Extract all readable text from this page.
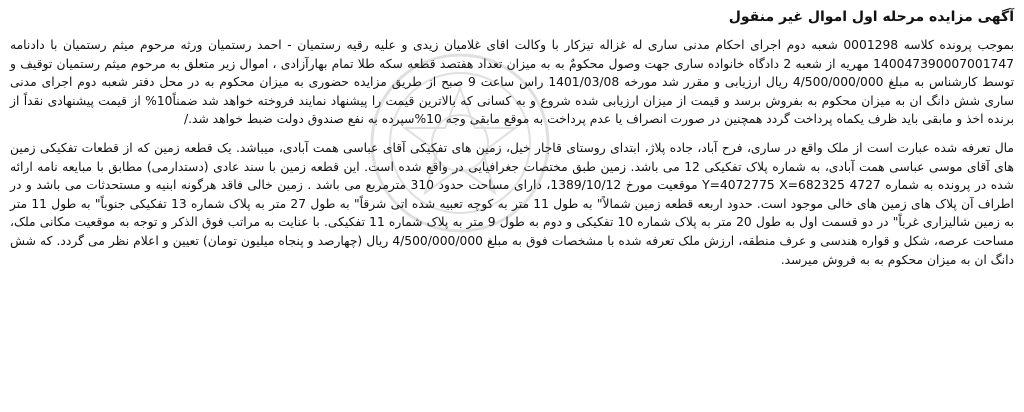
آگهی مزایده مرحله اول اموال غیر منقول

بموجب پرونده کلاسه 0001298 شعبه دوم اجرای احکام مدنی ساری له غزاله تیزکار با وکالت اقای غلامیان زیدی و علیه رقیه رستمیان - احمد رستمیان ورثه مرحوم میثم رستمیان با دادنامه 140047390007001747 مهریه از شعبه 2 دادگاه خانواده ساری جهت وصول محکومٌ به به میزان تعداد هفتصد قطعه سکه طلا تمام بهارآزادی ، اموال زیر متعلق به مرحوم میثم رستمیان توقیف و توسط کارشناس به مبلغ 4/500/000/000 ریال ارزیابی و مقرر شد مورخه 1401/03/08 راس ساعت 9 صبح از طریق مزایده حضوری به میزان محکوم به در محل دفتر شعبه دوم اجرای مدنی ساری شش دانگ ان به میزان محکوم به بفروش برسد و قیمت از میزان ارزیابی شده شروع و به کسانی که بالاترین قیمت را پیشنهاد نمایند فروخته خواهد شد ضمناً10% از قیمت پیشنهادی نقداً از برنده اخذ و مابقی باید ظرف یکماه پرداخت گردد همچنین در صورت انصراف یا عدم پرداخت به موقع مابقی وجه 10%سپرده به نفع صندوق دولت ضبط خواهد شد./

مال تعرفه شده عبارت است از ملک واقع در ساری، فرح آباد، جاده پلاژ، ابتدای روستای قاجار خیل، زمین های تفکیکی آقای عباسی همت آبادی، میباشد. یک قطعه زمین که از قطعات تفکیکی زمین های آقای موسی عباسی همت آبادی، به شماره پلاک تفکیکی 12 می باشد. زمین طبق مختصات جغرافیایی در واقع شده است. این قطعه زمین با سند عادی (دستدارمی) مطابق با مبایعه نامه ارائه شده در پرونده به شماره 4727 Y=4072775 X=682325 موقعیت مورخ 1389/10/12، دارای مساحت حدود 310 مترمربع می باشد . زمین خالی فاقد هرگونه ابنیه و مستحدثات می باشد و در اطراف آن پلاک های زمین های خالی موجود است. حدود اربعه قطعه زمین شمالاً" به طول 11 متر به کوچه تعبیه شده اتی شرقاً" به طول 27 متر به پلاک شماره 13 تفکیکی جنوباً" به طول 11 متر به زمین شالیزاری غرباً" در دو قسمت اول به طول 20 متر به پلاک شماره 10 تفکیکی و دوم به طول 9 متر به پلاک شماره 11 تفکیکی. با عنایت به مراتب فوق الذکر و توجه به موقعیت مکانی ملک، مساحت عرصه، شکل و قواره هندسی و عرف منطقه، ارزش ملک تعرفه شده با مشخصات فوق به مبلغ 4/500/000/000 ریال (چهارصد و پنجاه میلیون تومان) تعیین و اعلام نظر می گردد. که شش دانگ ان به میزان محکوم به به فروش میرسد.
